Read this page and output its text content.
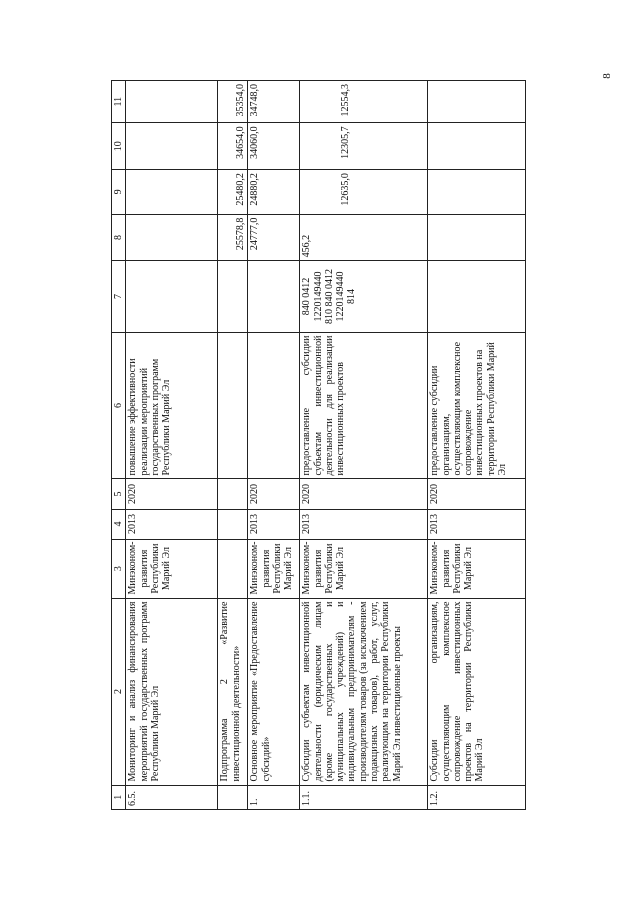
8
1	2	3	4	5	6	7	8	9	10	11
6.5.	Мониторинг и анализ финансирования мероприятий государственных программ Республики Марий Эл	Минэконом-развития Республики Марий Эл	2013	2020	повышение эффективности реализации мероприятий государственных программ Республики Марий Эл					
	Подпрограмма 2 «Развитие инвестиционной деятельности»						25578,8	25480,2	34654,0	35354,0
1.	Основное мероприятие «Предоставление субсидий»	Минэконом-развития Республики Марий Эл	2013	2020			24777,0	24880,2	34060,0	34748,0
1.1.	Субсидии субъектам инвестиционной деятельности (юридическим лицам (кроме государственных и муниципальных учреждений) и индивидуальным предпринимателям - производителям товаров (за исключением подакцизных товаров), работ, услуг, реализующим на территории Республики Марий Эл инвестиционные проекты	Минэконом-развития Республики Марий Эл	2013	2020	предоставление субсидии субъектам инвестиционной деятельности для реализации инвестиционных проектов	840 0412 1220149440 810 840 0412 1220149440 814	456,2	12635,0	12305,7	12554,3
1.2.	Субсидии организациям, осуществляющим комплексное сопровождение инвестиционных проектов на территории Республики Марий Эл	Минэконом-развития Республики Марий Эл	2013	2020	предоставление субсидии организациям, осуществляющим комплексное сопровождение инвестиционных проектов на территории Республики Марий Эл					
